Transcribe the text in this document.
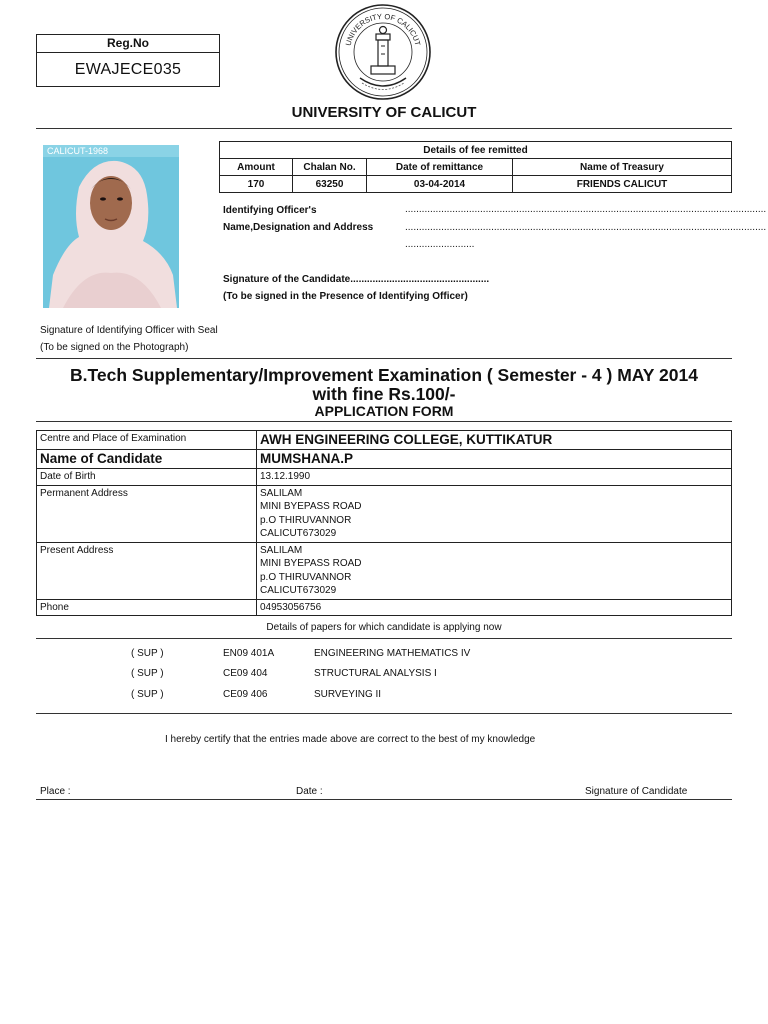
Reg.No
EWAJECE035
UNIVERSITY OF CALICUT
UNIVERSITY OF CALICUT
CALICUT-1968	Details of fee remitted			
Amount	Chalan No.	Date of remittance	Name of Treasury
170	63250	03-04-2014	FRIENDS CALICUT
Identifying Officer's
Name,Designation and Address
..................................................................................................................................
..................................................................................................................................
.........................
Signature of the Candidate..................................................
(To be signed in the Presence of Identifying Officer)
Signature of Identifying Officer with Seal
(To be signed on the Photograph)
B.Tech Supplementary/Improvement Examination ( Semester - 4 ) MAY 2014
with fine Rs.100/-
APPLICATION FORM
Centre and Place of Examination	AWH ENGINEERING COLLEGE, KUTTIKATUR
Name of Candidate	MUMSHANA.P
Date of Birth	13.12.1990
Permanent Address	SALILAM
MINI BYEPASS ROAD
p.O THIRUVANNOR
CALICUT673029

Present Address	SALILAM
MINI BYEPASS ROAD
p.O THIRUVANNOR
CALICUT673029

Phone	04953056756
Details of papers for which candidate is applying now
( SUP )	EN09 401A	ENGINEERING MATHEMATICS IV
( SUP )	CE09 404	STRUCTURAL ANALYSIS I
( SUP )	CE09 406	SURVEYING II
I hereby certify that the entries made above are correct to the best of my knowledge
Place :	Date :	Signature of Candidate
